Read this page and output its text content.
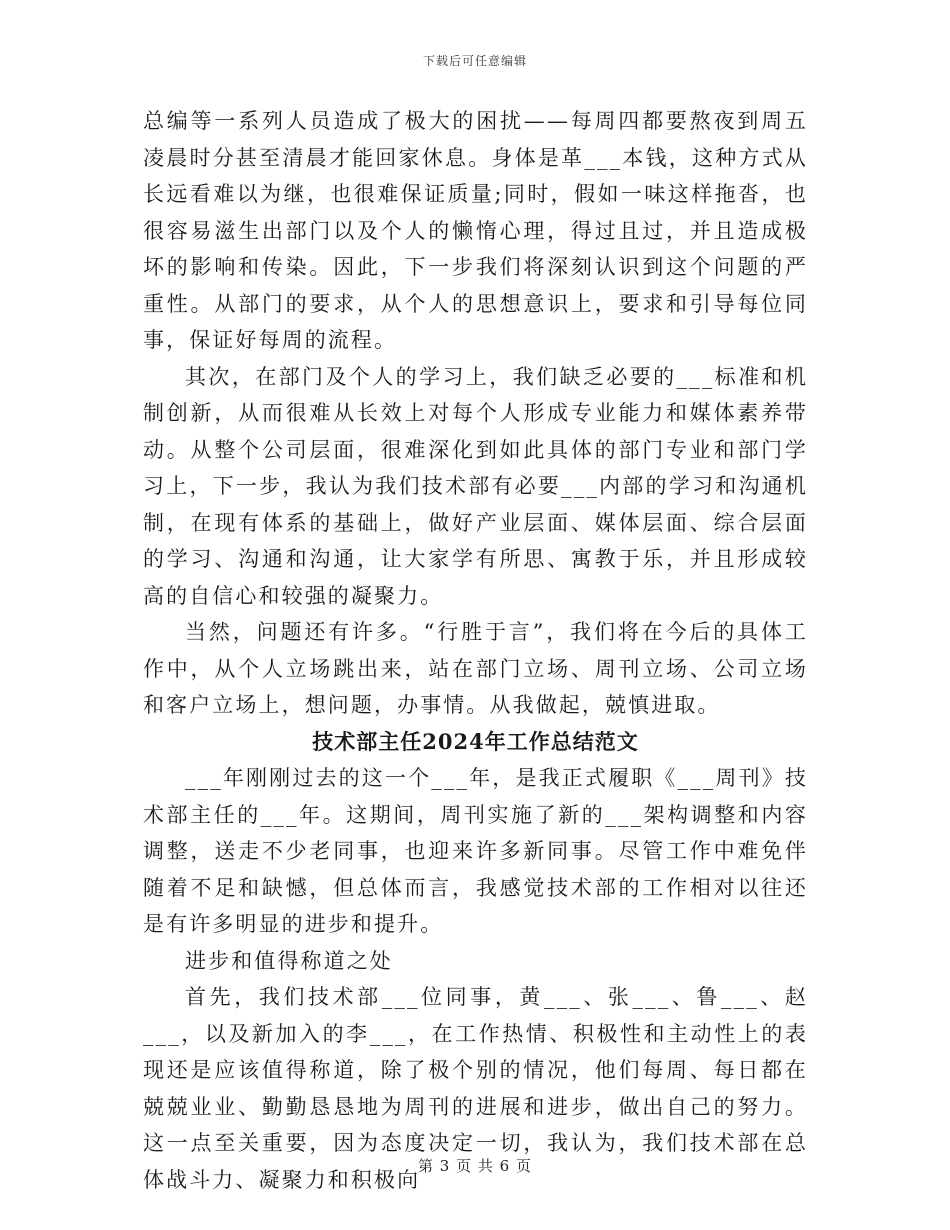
下载后可任意编辑

总编等一系列人员造成了极大的困扰——每周四都要熬夜到周五凌晨时分甚至清晨才能回家休息。身体是革___本钱，这种方式从长远看难以为继，也很难保证质量;同时，假如一味这样拖沓，也很容易滋生出部门以及个人的懒惰心理，得过且过，并且造成极坏的影响和传染。因此，下一步我们将深刻认识到这个问题的严重性。从部门的要求，从个人的思想意识上，要求和引导每位同事，保证好每周的流程。

其次，在部门及个人的学习上，我们缺乏必要的___标准和机制创新，从而很难从长效上对每个人形成专业能力和媒体素养带动。从整个公司层面，很难深化到如此具体的部门专业和部门学习上，下一步，我认为我们技术部有必要___内部的学习和沟通机制，在现有体系的基础上，做好产业层面、媒体层面、综合层面的学习、沟通和沟通，让大家学有所思、寓教于乐，并且形成较高的自信心和较强的凝聚力。

当然，问题还有许多。“行胜于言”，我们将在今后的具体工作中，从个人立场跳出来，站在部门立场、周刊立场、公司立场和客户立场上，想问题，办事情。从我做起，兢慎进取。

技术部主任2024年工作总结范文

___年刚刚过去的这一个___年，是我正式履职《___周刊》技术部主任的___年。这期间，周刊实施了新的___架构调整和内容调整，送走不少老同事，也迎来许多新同事。尽管工作中难免伴随着不足和缺憾，但总体而言，我感觉技术部的工作相对以往还是有许多明显的进步和提升。

进步和值得称道之处

首先，我们技术部___位同事，黄___、张___、鲁___、赵___，以及新加入的李___，在工作热情、积极性和主动性上的表现还是应该值得称道，除了极个别的情况，他们每周、每日都在兢兢业业、勤勤恳恳地为周刊的进展和进步，做出自己的努力。这一点至关重要，因为态度决定一切，我认为，我们技术部在总体战斗力、凝聚力和积极向

第 3 页 共 6 页
